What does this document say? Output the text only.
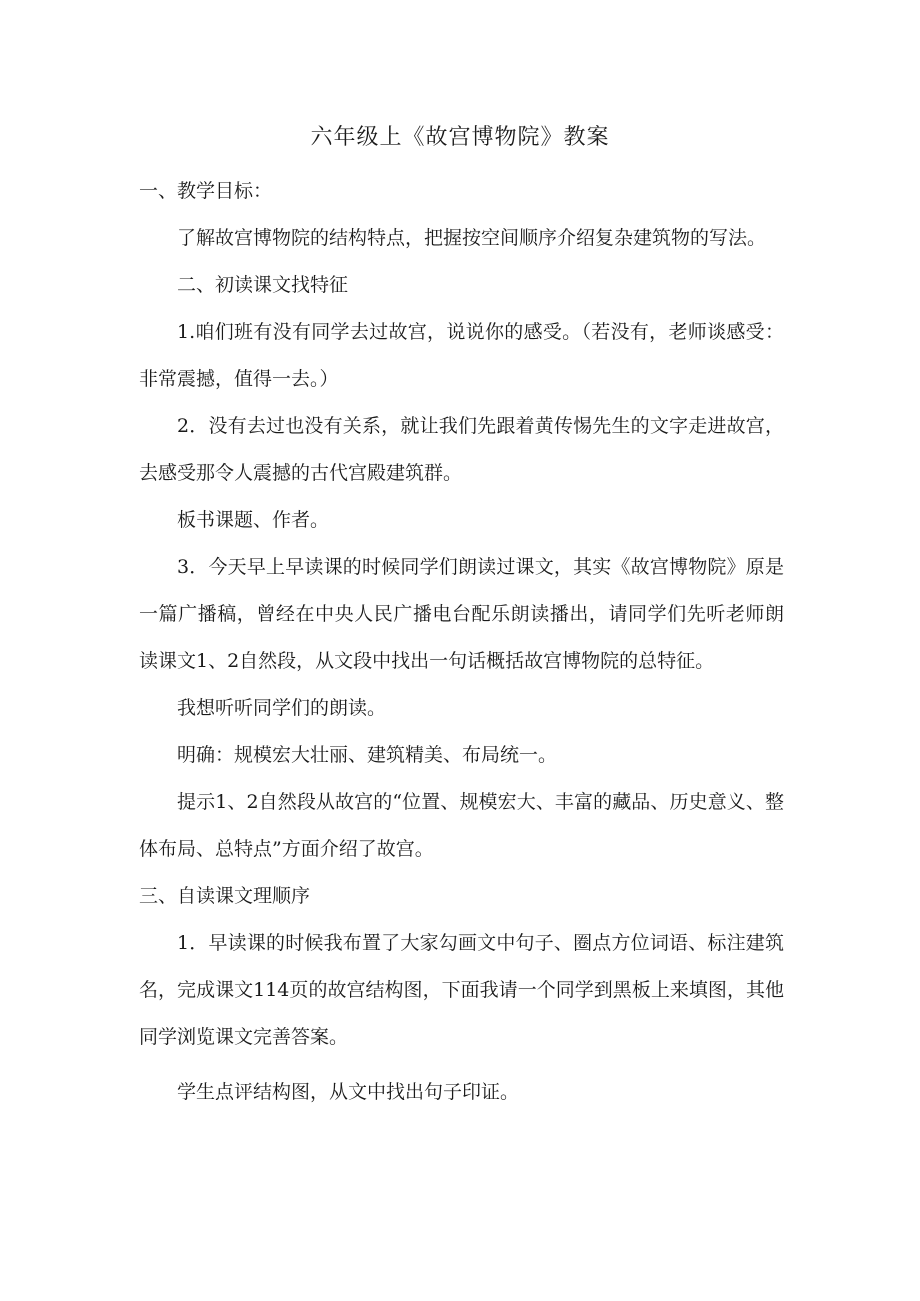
六年级上《故宫博物院》教案

一、教学目标：

了解故宫博物院的结构特点，把握按空间顺序介绍复杂建筑物的写法。

二、初读课文找特征

1.咱们班有没有同学去过故宫，说说你的感受。（若没有，老师谈感受：非常震撼，值得一去。）

2．没有去过也没有关系，就让我们先跟着黄传惕先生的文字走进故宫，去感受那令人震撼的古代宫殿建筑群。

板书课题、作者。

3．今天早上早读课的时候同学们朗读过课文，其实《故宫博物院》原是一篇广播稿，曾经在中央人民广播电台配乐朗读播出，请同学们先听老师朗读课文1、2自然段，从文段中找出一句话概括故宫博物院的总特征。

我想听听同学们的朗读。

明确：规模宏大壮丽、建筑精美、布局统一。

提示1、2自然段从故宫的“位置、规模宏大、丰富的藏品、历史意义、整体布局、总特点”方面介绍了故宫。

三、自读课文理顺序

1．早读课的时候我布置了大家勾画文中句子、圈点方位词语、标注建筑名，完成课文114页的故宫结构图，下面我请一个同学到黑板上来填图，其他同学浏览课文完善答案。

学生点评结构图，从文中找出句子印证。
